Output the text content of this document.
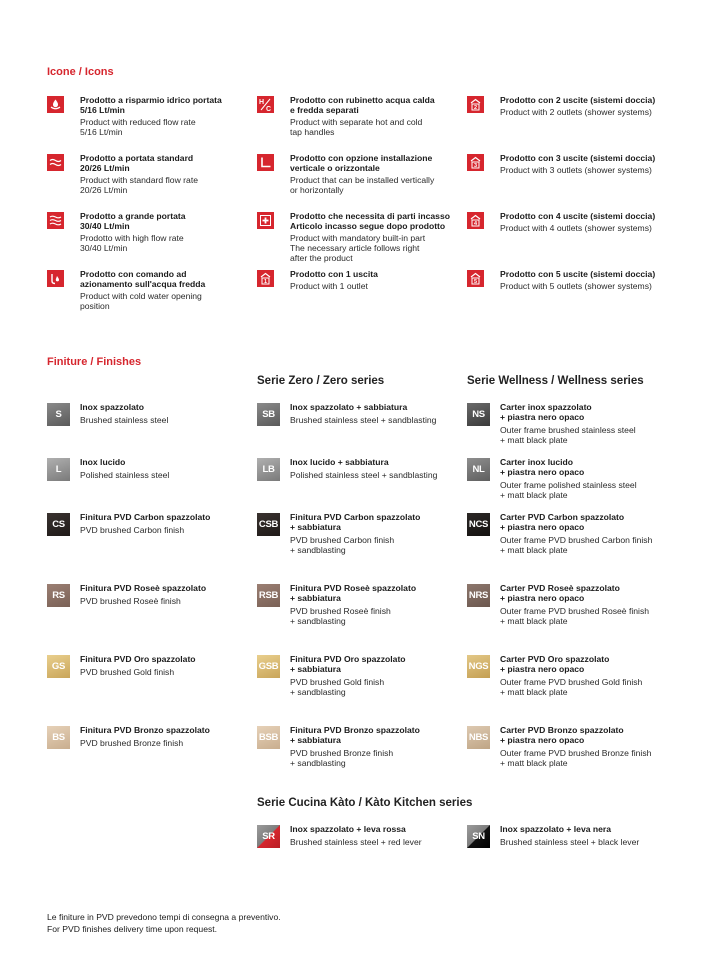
Icone / Icons
Prodotto a risparmio idrico portata
5/16 Lt/min
Product with reduced flow rate
5/16 Lt/min
Prodotto a portata standard
20/26 Lt/min
Product with standard flow rate
20/26 Lt/min
Prodotto a grande portata
30/40 Lt/min
Prodotto with high flow rate
30/40 Lt/min
Prodotto con comando ad
azionamento sull'acqua fredda
Product with cold water opening
position
H
C
Prodotto con rubinetto acqua calda
e fredda separati
Product with separate hot and cold
tap handles
Prodotto con opzione installazione
verticale o orizzontale
Product that can be installed vertically
or horizontally
Prodotto che necessita di parti incasso
Articolo incasso segue dopo prodotto
Product with mandatory built-in part
The necessary article follows right
after the product
1
Prodotto con 1 uscita
Product with 1 outlet
2
Prodotto con 2 uscite (sistemi doccia)
Product with 2 outlets (shower systems)
3
Prodotto con 3 uscite (sistemi doccia)
Product with 3 outlets (shower systems)
4
Prodotto con 4 uscite (sistemi doccia)
Product with 4 outlets (shower systems)
5
Prodotto con 5 uscite (sistemi doccia)
Product with 5 outlets (shower systems)
Finiture / Finishes
Serie Zero / Zero series	Serie Wellness / Wellness series
S
Inox spazzolato
Brushed stainless steel
L
Inox lucido
Polished stainless steel
CS
Finitura PVD Carbon spazzolato
PVD brushed Carbon finish
RS
Finitura PVD Roseè spazzolato
PVD brushed Roseè finish
GS
Finitura PVD Oro spazzolato
PVD brushed Gold finish
BS
Finitura PVD Bronzo spazzolato
PVD brushed Bronze finish
SB
Inox spazzolato + sabbiatura
Brushed stainless steel + sandblasting
LB
Inox lucido + sabbiatura
Polished stainless steel + sandblasting
CSB
Finitura PVD Carbon spazzolato
+ sabbiatura
PVD brushed Carbon finish
+ sandblasting
RSB
Finitura PVD Roseè spazzolato
+ sabbiatura
PVD brushed Roseè finish
+ sandblasting
GSB
Finitura PVD Oro spazzolato
+ sabbiatura
PVD brushed Gold finish
+ sandblasting
BSB
Finitura PVD Bronzo spazzolato
+ sabbiatura
PVD brushed Bronze finish
+ sandblasting
NS
Carter inox spazzolato
+ piastra nero opaco
Outer frame brushed stainless steel
+ matt black plate
NL
Carter inox lucido
+ piastra nero opaco
Outer frame polished stainless steel
+ matt black plate
NCS
Carter PVD Carbon spazzolato
+ piastra nero opaco
Outer frame PVD brushed Carbon finish
+ matt black plate
NRS
Carter PVD Roseè spazzolato
+ piastra nero opaco
Outer frame PVD brushed Roseè finish
+ matt black plate
NGS
Carter PVD Oro spazzolato
+ piastra nero opaco
Outer frame PVD brushed Gold finish
+ matt black plate
NBS
Carter PVD Bronzo spazzolato
+ piastra nero opaco
Outer frame PVD brushed Bronze finish
+ matt black plate
Serie Cucina Kàto / Kàto Kitchen series
SR
Inox spazzolato + leva rossa
Brushed stainless steel + red lever	SN
Inox spazzolato + leva nera
Brushed stainless steel + black lever
Le finiture in PVD prevedono tempi di consegna a preventivo.
For PVD finishes delivery time upon request.
